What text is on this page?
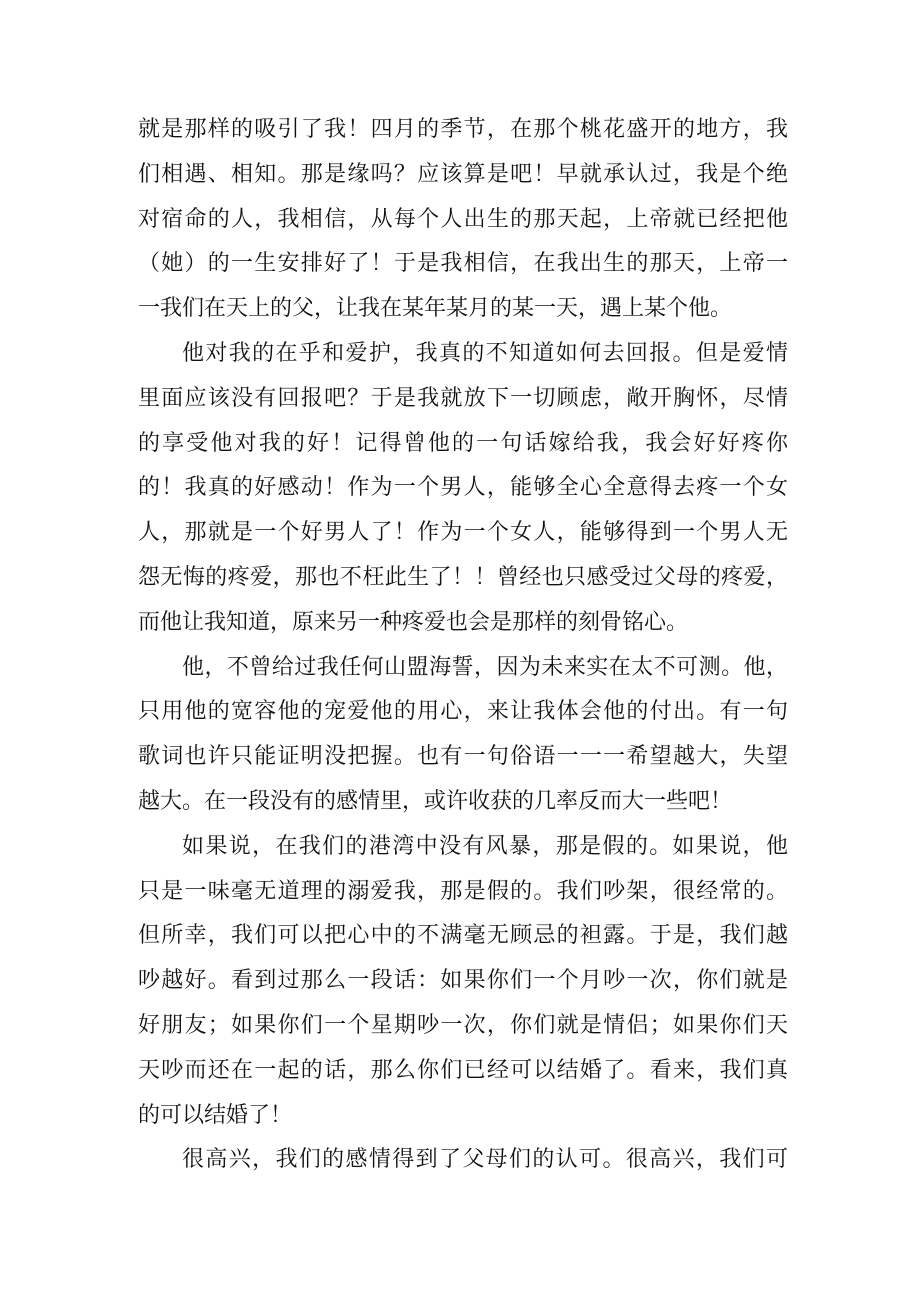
就是那样的吸引了我！四月的季节，在那个桃花盛开的地方，我
们相遇、相知。那是缘吗？应该算是吧！早就承认过，我是个绝
对宿命的人，我相信，从每个人出生的那天起，上帝就已经把他
（她）的一生安排好了！于是我相信，在我出生的那天，上帝一
一我们在天上的父，让我在某年某月的某一天，遇上某个他。
他对我的在乎和爱护，我真的不知道如何去回报。但是爱情
里面应该没有回报吧？于是我就放下一切顾虑，敞开胸怀，尽情
的享受他对我的好！记得曾他的一句话嫁给我，我会好好疼你
的！我真的好感动！作为一个男人，能够全心全意得去疼一个女
人，那就是一个好男人了！作为一个女人，能够得到一个男人无
怨无悔的疼爱，那也不枉此生了！！曾经也只感受过父母的疼爱，
而他让我知道，原来另一种疼爱也会是那样的刻骨铭心。
他，不曾给过我任何山盟海誓，因为未来实在太不可测。他，
只用他的宽容他的宠爱他的用心，来让我体会他的付出。有一句
歌词也许只能证明没把握。也有一句俗语一一一希望越大，失望
越大。在一段没有的感情里，或许收获的几率反而大一些吧！
如果说，在我们的港湾中没有风暴，那是假的。如果说，他
只是一味毫无道理的溺爱我，那是假的。我们吵架，很经常的。
但所幸，我们可以把心中的不满毫无顾忌的袒露。于是，我们越
吵越好。看到过那么一段话：如果你们一个月吵一次，你们就是
好朋友；如果你们一个星期吵一次，你们就是情侣；如果你们天
天吵而还在一起的话，那么你们已经可以结婚了。看来，我们真
的可以结婚了！
很高兴，我们的感情得到了父母们的认可。很高兴，我们可
